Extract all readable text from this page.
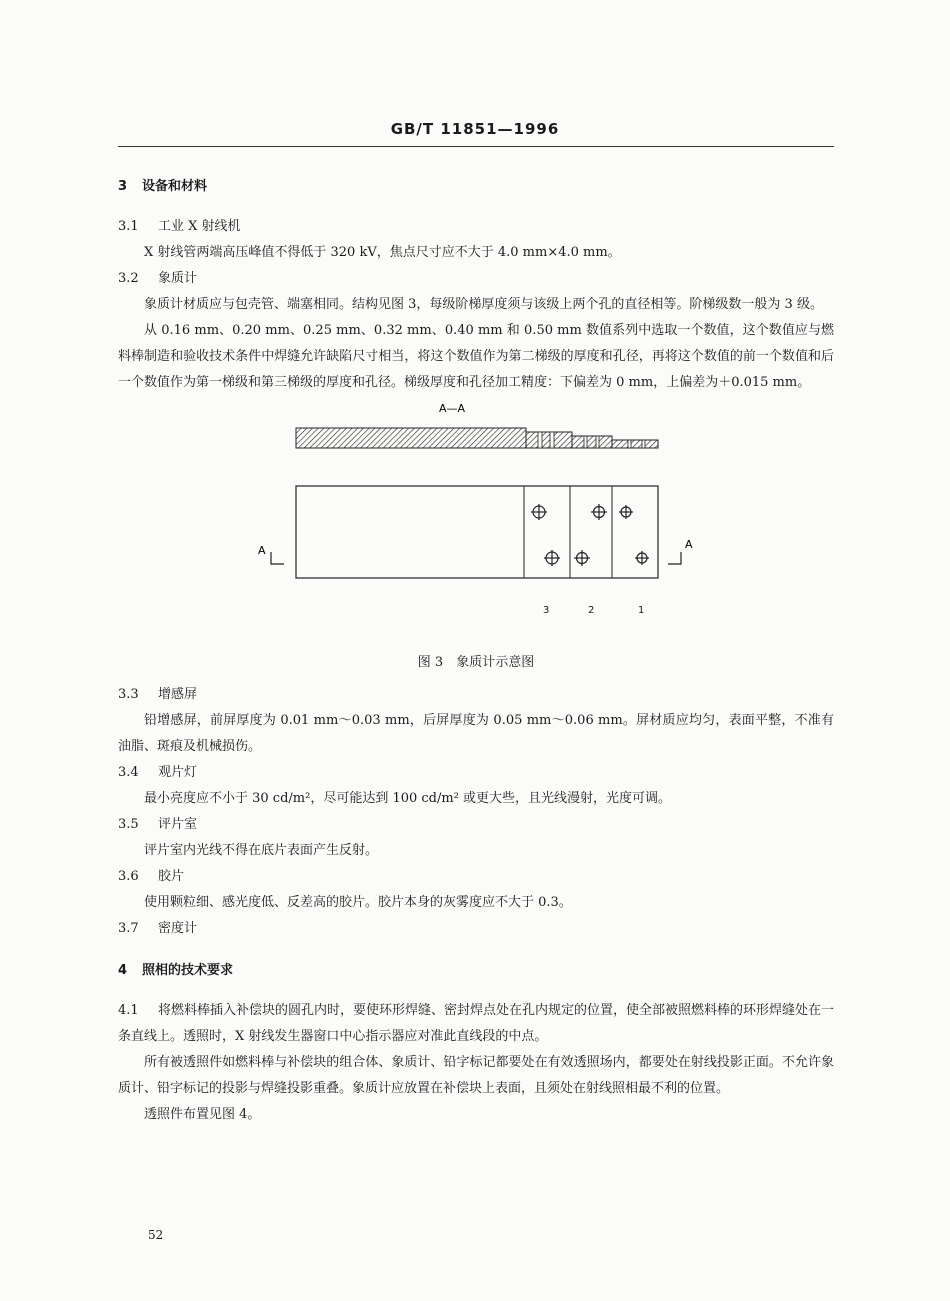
GB/T 11851—1996
3 设备和材料
3.1 工业 X 射线机

X 射线管两端高压峰值不得低于 320 kV，焦点尺寸应不大于 4.0 mm×4.0 mm。

3.2 象质计

象质计材质应与包壳管、端塞相同。结构见图 3，每级阶梯厚度须与该级上两个孔的直径相等。阶梯级数一般为 3 级。

从 0.16 mm、0.20 mm、0.25 mm、0.32 mm、0.40 mm 和 0.50 mm 数值系列中选取一个数值，这个数值应与燃料棒制造和验收技术条件中焊缝允许缺陷尺寸相当，将这个数值作为第二梯级的厚度和孔径，再将这个数值的前一个数值和后一个数值作为第一梯级和第三梯级的厚度和孔径。梯级厚度和孔径加工精度：下偏差为 0 mm，上偏差为＋0.015 mm。

A—A
A	A
3	2	1
图 3　象质计示意图
3.3 增感屏

铅增感屏，前屏厚度为 0.01 mm～0.03 mm，后屏厚度为 0.05 mm～0.06 mm。屏材质应均匀，表面平整，不准有油脂、斑痕及机械损伤。

3.4 观片灯

最小亮度应不小于 30 cd/m²，尽可能达到 100 cd/m² 或更大些，且光线漫射，光度可调。

3.5 评片室

评片室内光线不得在底片表面产生反射。

3.6 胶片

使用颗粒细、感光度低、反差高的胶片。胶片本身的灰雾度应不大于 0.3。

3.7 密度计
4 照相的技术要求

4.1 将燃料棒插入补偿块的圆孔内时，要使环形焊缝、密封焊点处在孔内规定的位置，使全部被照燃料棒的环形焊缝处在一条直线上。透照时，X 射线发生器窗口中心指示器应对准此直线段的中点。

所有被透照件如燃料棒与补偿块的组合体、象质计、铅字标记都要处在有效透照场内，都要处在射线投影正面。不允许象质计、铅字标记的投影与焊缝投影重叠。象质计应放置在补偿块上表面，且须处在射线照相最不利的位置。

透照件布置见图 4。

52
